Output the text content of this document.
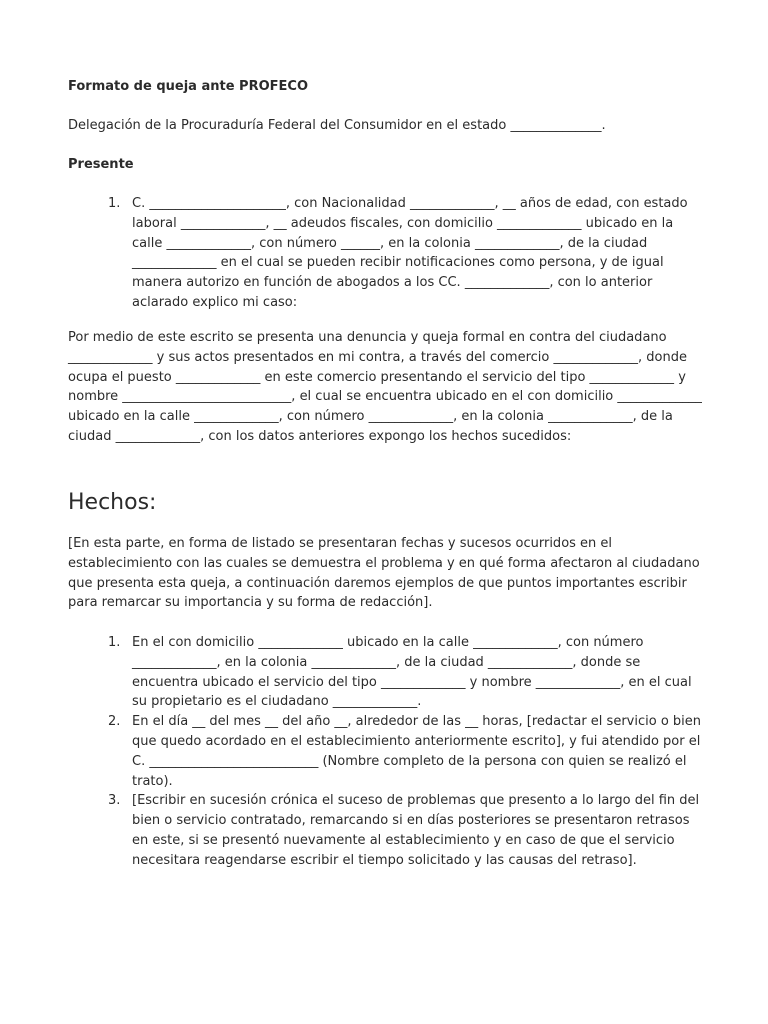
Formato de queja ante PROFECO

Delegación de la Procuraduría Federal del Consumidor en el estado ______________.

Presente

1. C. _____________________, con Nacionalidad _____________, __ años de edad, con estado laboral _____________, __ adeudos fiscales, con domicilio _____________ ubicado en la calle _____________, con número ______, en la colonia _____________, de la ciudad _____________ en el cual se pueden recibir notificaciones como persona, y de igual manera autorizo en función de abogados a los CC. _____________, con lo anterior aclarado explico mi caso:

Por medio de este escrito se presenta una denuncia y queja formal en contra del ciudadano _____________ y sus actos presentados en mi contra, a través del comercio _____________, donde ocupa el puesto _____________ en este comercio presentando el servicio del tipo _____________ y nombre __________________________, el cual se encuentra ubicado en el con domicilio _____________ ubicado en la calle _____________, con número _____________, en la colonia _____________, de la ciudad _____________, con los datos anteriores expongo los hechos sucedidos:

Hechos:

[En esta parte, en forma de listado se presentaran fechas y sucesos ocurridos en el establecimiento con las cuales se demuestra el problema y en qué forma afectaron al ciudadano que presenta esta queja, a continuación daremos ejemplos de que puntos importantes escribir para remarcar su importancia y su forma de redacción].

1. En el con domicilio _____________ ubicado en la calle _____________, con número _____________, en la colonia _____________, de la ciudad _____________, donde se encuentra ubicado el servicio del tipo _____________ y nombre _____________, en el cual su propietario es el ciudadano _____________.
2. En el día __ del mes __ del año __, alrededor de las __ horas, [redactar el servicio o bien que quedo acordado en el establecimiento anteriormente escrito], y fui atendido por el C. __________________________ (Nombre completo de la persona con quien se realizó el trato).
3. [Escribir en sucesión crónica el suceso de problemas que presento a lo largo del fin del bien o servicio contratado, remarcando si en días posteriores se presentaron retrasos en este, si se presentó nuevamente al establecimiento y en caso de que el servicio necesitara reagendarse escribir el tiempo solicitado y las causas del retraso].
